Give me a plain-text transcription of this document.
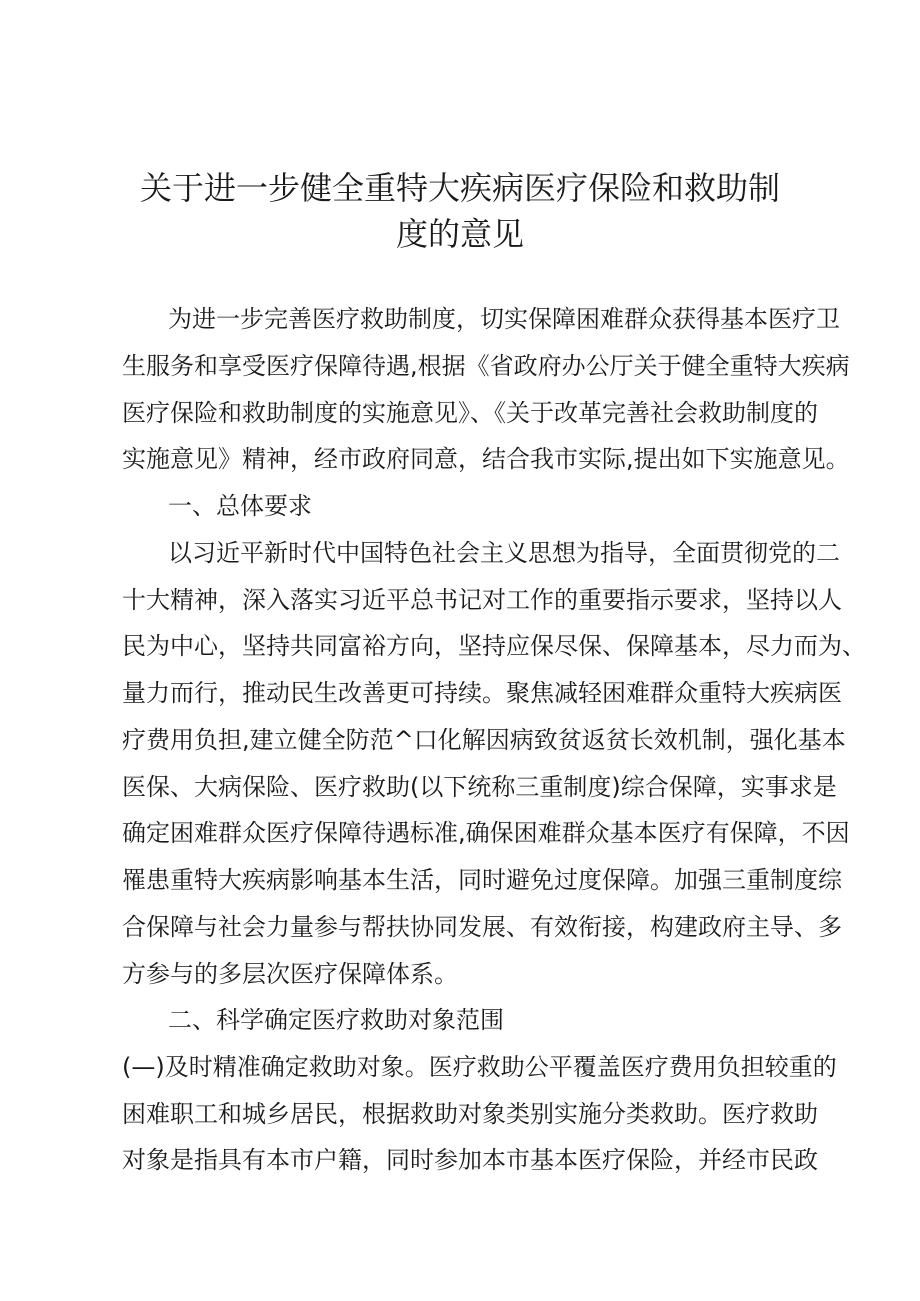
关于进一步健全重特大疾病医疗保险和救助制
度的意见

为进一步完善医疗救助制度，切实保障困难群众获得基本医疗卫

生服务和享受医疗保障待遇,根据《省政府办公厅关于健全重特大疾病

医疗保险和救助制度的实施意见》、《关于改革完善社会救助制度的

实施意见》精神，经市政府同意，结合我市实际,提出如下实施意见。

一、总体要求

以习近平新时代中国特色社会主义思想为指导，全面贯彻党的二

十大精神，深入落实习近平总书记对工作的重要指示要求，坚持以人

民为中心，坚持共同富裕方向，坚持应保尽保、保障基本，尽力而为、

量力而行，推动民生改善更可持续。聚焦减轻困难群众重特大疾病医

疗费用负担,建立健全防范^口化解因病致贫返贫长效机制，强化基本

医保、大病保险、医疗救助(以下统称三重制度)综合保障，实事求是

确定困难群众医疗保障待遇标准,确保困难群众基本医疗有保障，不因

罹患重特大疾病影响基本生活，同时避免过度保障。加强三重制度综

合保障与社会力量参与帮扶协同发展、有效衔接，构建政府主导、多

方参与的多层次医疗保障体系。

二、科学确定医疗救助对象范围

(—)及时精准确定救助对象。医疗救助公平覆盖医疗费用负担较重的

困难职工和城乡居民，根据救助对象类别实施分类救助。医疗救助

对象是指具有本市户籍，同时参加本市基本医疗保险，并经市民政
